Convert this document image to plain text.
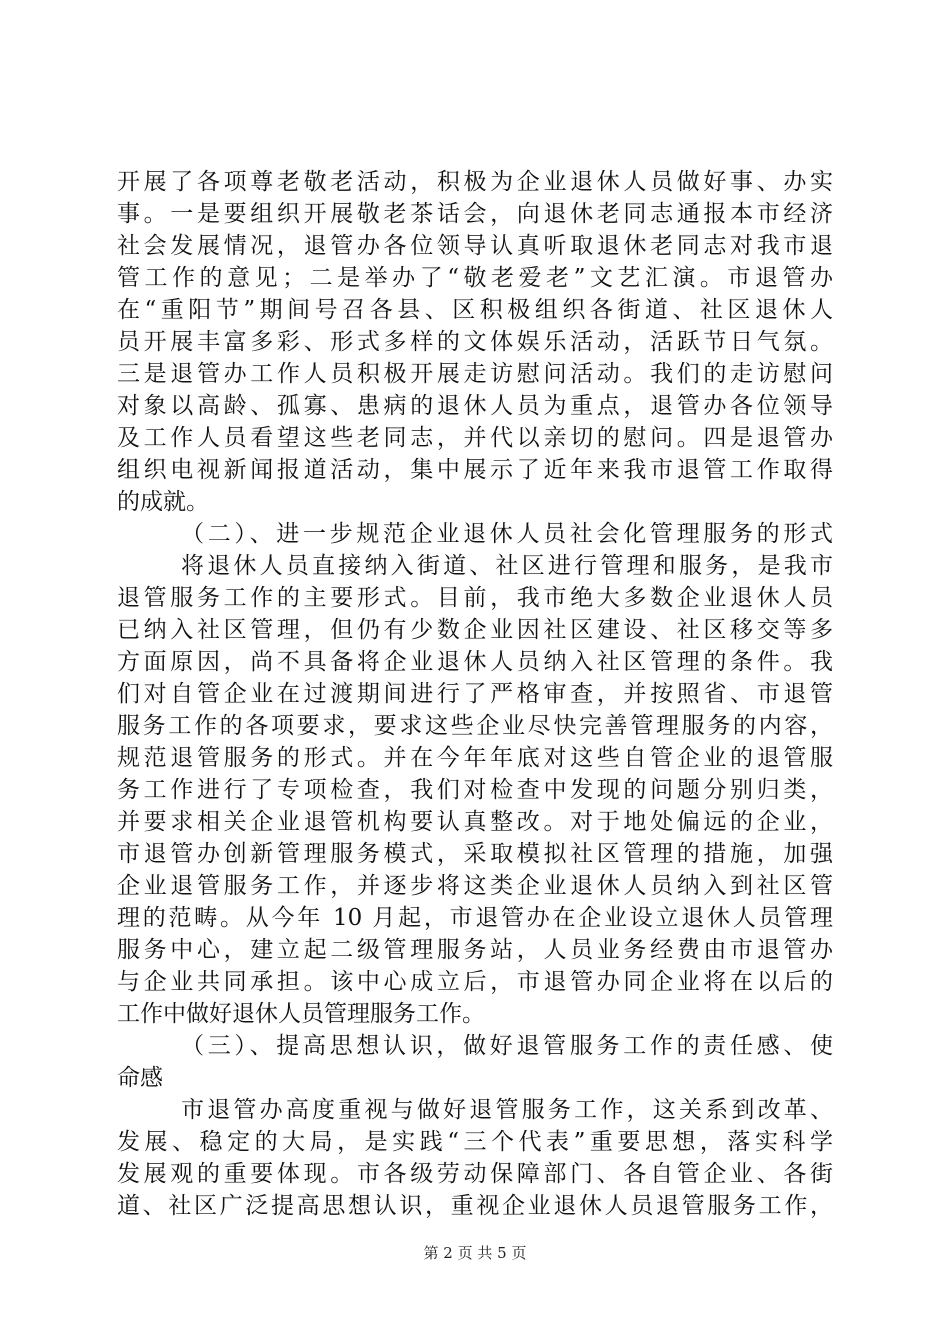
开展了各项尊老敬老活动，积极为企业退休人员做好事、办实
事。一是要组织开展敬老茶话会，向退休老同志通报本市经济
社会发展情况，退管办各位领导认真听取退休老同志对我市退
管工作的意见；二是举办了“敬老爱老”文艺汇演。市退管办
在“重阳节”期间号召各县、区积极组织各街道、社区退休人
员开展丰富多彩、形式多样的文体娱乐活动，活跃节日气氛。
三是退管办工作人员积极开展走访慰问活动。我们的走访慰问
对象以高龄、孤寡、患病的退休人员为重点，退管办各位领导
及工作人员看望这些老同志，并代以亲切的慰问。四是退管办
组织电视新闻报道活动，集中展示了近年来我市退管工作取得
的成就。
（二）、进一步规范企业退休人员社会化管理服务的形式
将退休人员直接纳入街道、社区进行管理和服务，是我市
退管服务工作的主要形式。目前，我市绝大多数企业退休人员
已纳入社区管理，但仍有少数企业因社区建设、社区移交等多
方面原因，尚不具备将企业退休人员纳入社区管理的条件。我
们对自管企业在过渡期间进行了严格审查，并按照省、市退管
服务工作的各项要求，要求这些企业尽快完善管理服务的内容，
规范退管服务的形式。并在今年年底对这些自管企业的退管服
务工作进行了专项检查，我们对检查中发现的问题分别归类，
并要求相关企业退管机构要认真整改。对于地处偏远的企业，
市退管办创新管理服务模式，采取模拟社区管理的措施，加强
企业退管服务工作，并逐步将这类企业退休人员纳入到社区管
理的范畴。从今年 10 月起，市退管办在企业设立退休人员管理
服务中心，建立起二级管理服务站，人员业务经费由市退管办
与企业共同承担。该中心成立后，市退管办同企业将在以后的
工作中做好退休人员管理服务工作。
（三）、提高思想认识，做好退管服务工作的责任感、使
命感
市退管办高度重视与做好退管服务工作，这关系到改革、
发展、稳定的大局，是实践“三个代表”重要思想，落实科学
发展观的重要体现。市各级劳动保障部门、各自管企业、各街
道、社区广泛提高思想认识，重视企业退休人员退管服务工作，
第 2 页 共 5 页
